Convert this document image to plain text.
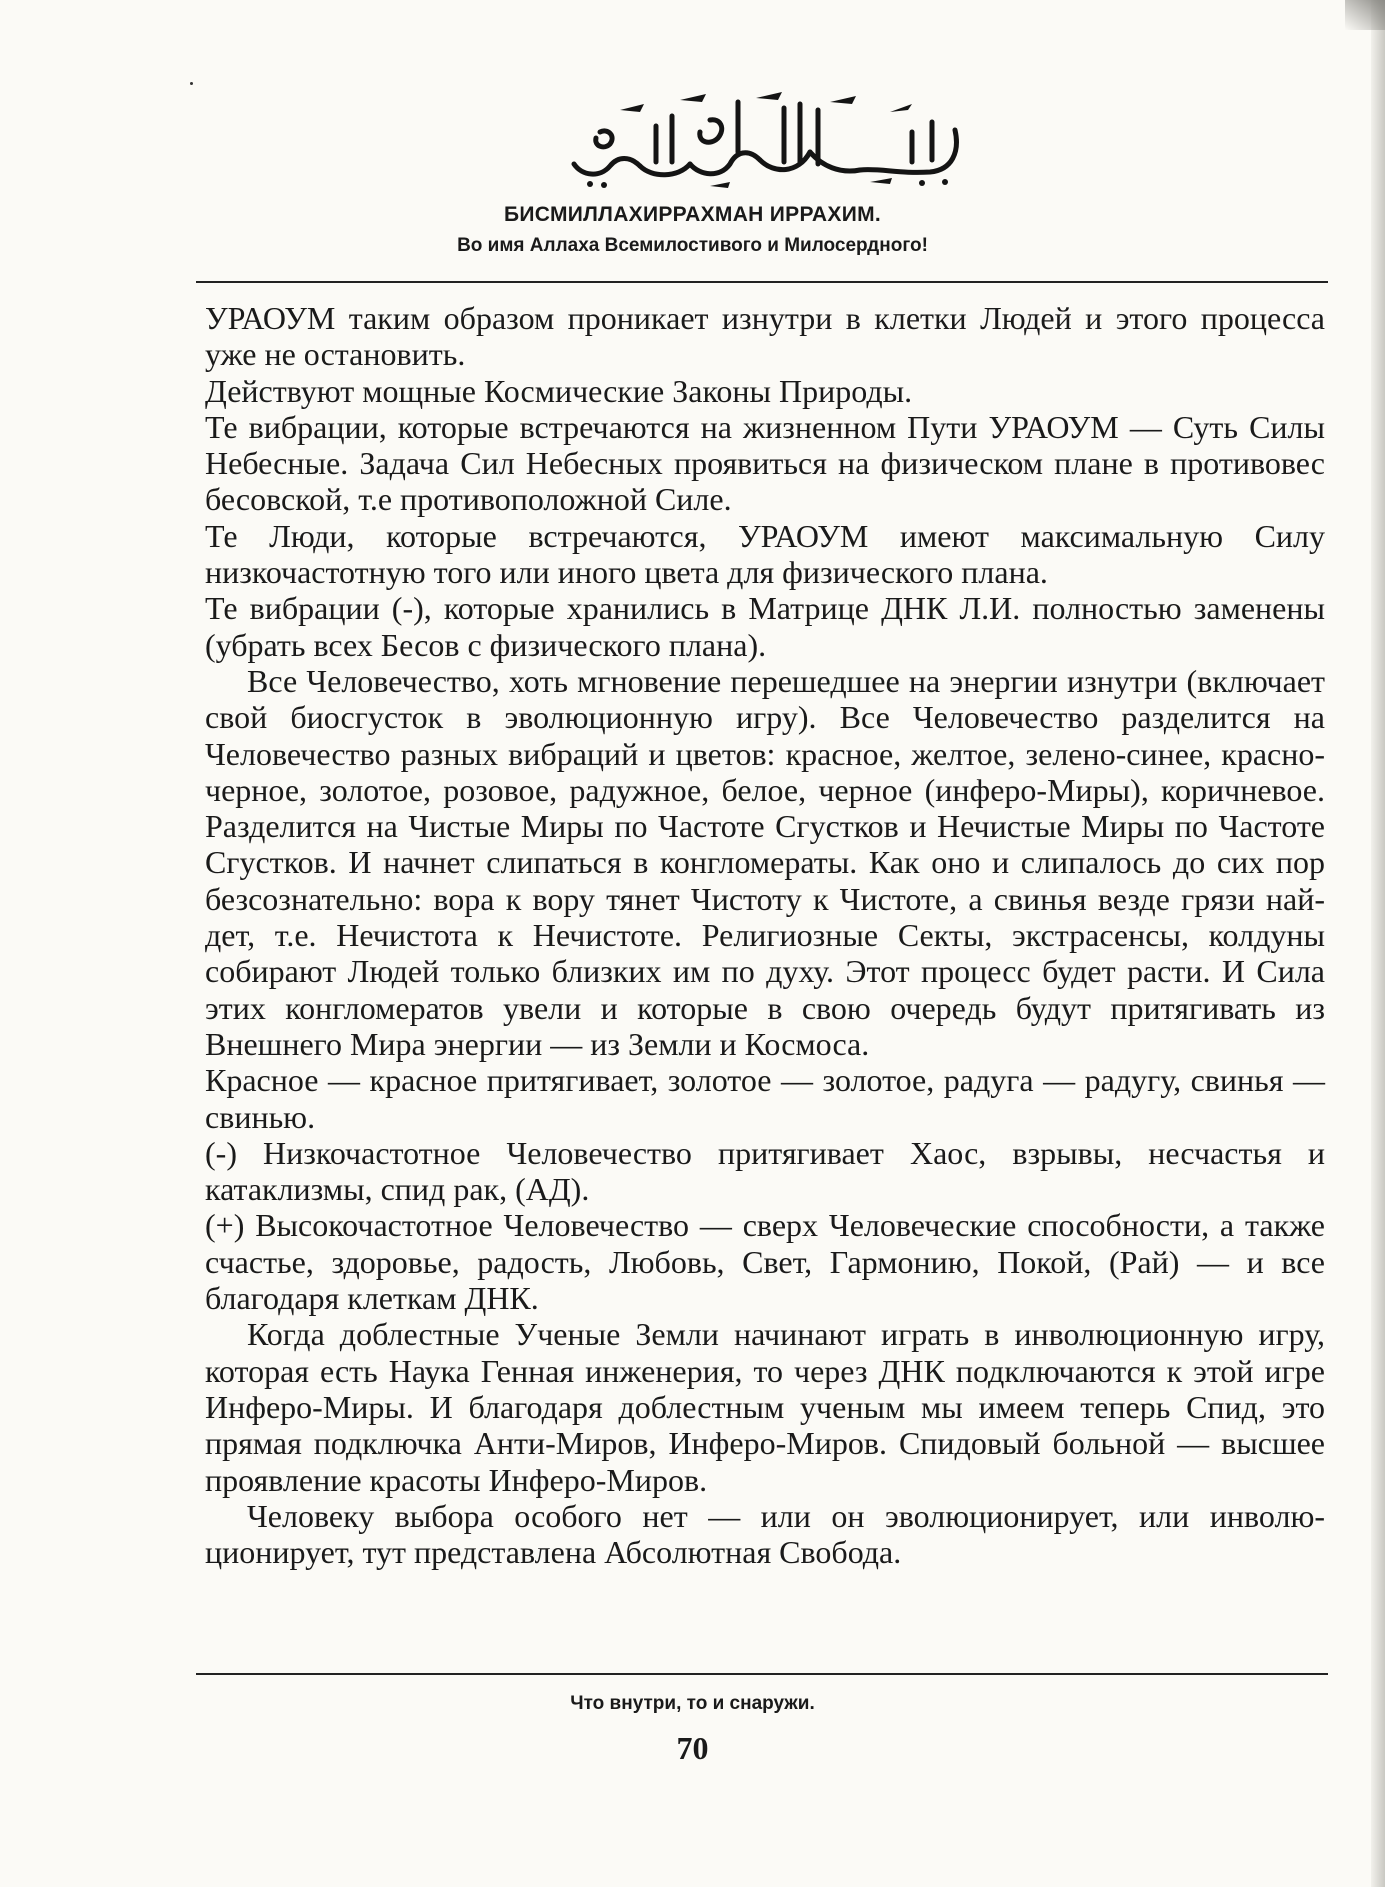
БИСМИЛЛАХИРРАХМАН ИРРАХИМ.
Во имя Аллаха Всемилостивого и Милосердного!

УРАОУМ таким образом проникает изнутри в клетки Людей и этого процесса уже не остановить.

Действуют мощные Космические Законы Природы.

Те вибрации, которые встречаются на жизненном Пути УРАОУМ — Суть Силы Небесные. Задача Сил Небесных проявиться на физическом плане в противовес бесовской, т.е противоположной Силе.

Те Люди, которые встречаются, УРАОУМ имеют максимальную Силу низкочастотную того или иного цвета для физического плана.

Те вибрации (-), которые хранились в Матрице ДНК Л.И. полностью заменены (убрать всех Бесов с физического плана).

Все Человечество, хоть мгновение перешедшее на энергии изнутри (включает свой биосгусток в эволюционную игру). Все Человечество разделится на Человечество разных вибраций и цветов: красное, желтое, зелено-синее, красно-черное, золотое, розовое, радужное, белое, черное (инферо-Миры), коричневое. Разделится на Чистые Миры по Частоте Сгустков и Нечистые Миры по Частоте Сгустков. И начнет слипаться в конгломераты. Как оно и слипалось до сих пор безсознательно: вора к вору тянет Чистоту к Чистоте, а свинья везде грязи найдет, т.е. Нечистота к Нечистоте. Религиозные Секты, экстрасенсы, колдуны собирают Людей только близких им по духу. Этот процесс будет расти. И Сила этих конгломератов увели и которые в свою очередь будут притягивать из Внешнего Мира энергии — из Земли и Космоса.

Красное — красное притягивает, золотое — золотое, радуга — радугу, свинья — свинью.

(-) Низкочастотное Человечество притягивает Хаос, взрывы, несчастья и катаклизмы, спид рак, (АД).

(+) Высокочастотное Человечество — сверх Человеческие способности, а также счастье, здоровье, радость, Любовь, Свет, Гармонию, Покой, (Рай) — и все благодаря клеткам ДНК.

Когда доблестные Ученые Земли начинают играть в инволюционную игру, которая есть Наука Генная инженерия, то через ДНК подключаются к этой игре Инферо-Миры. И благодаря доблестным ученым мы имеем теперь Спид, это прямая подключка Анти-Миров, Инферо-Миров. Спидовый больной — высшее проявление красоты Инферо-Миров.

Человеку выбора особого нет — или он эволюционирует, или инволюционирует, тут представлена Абсолютная Свобода.

Что внутри, то и снаружи.
70
